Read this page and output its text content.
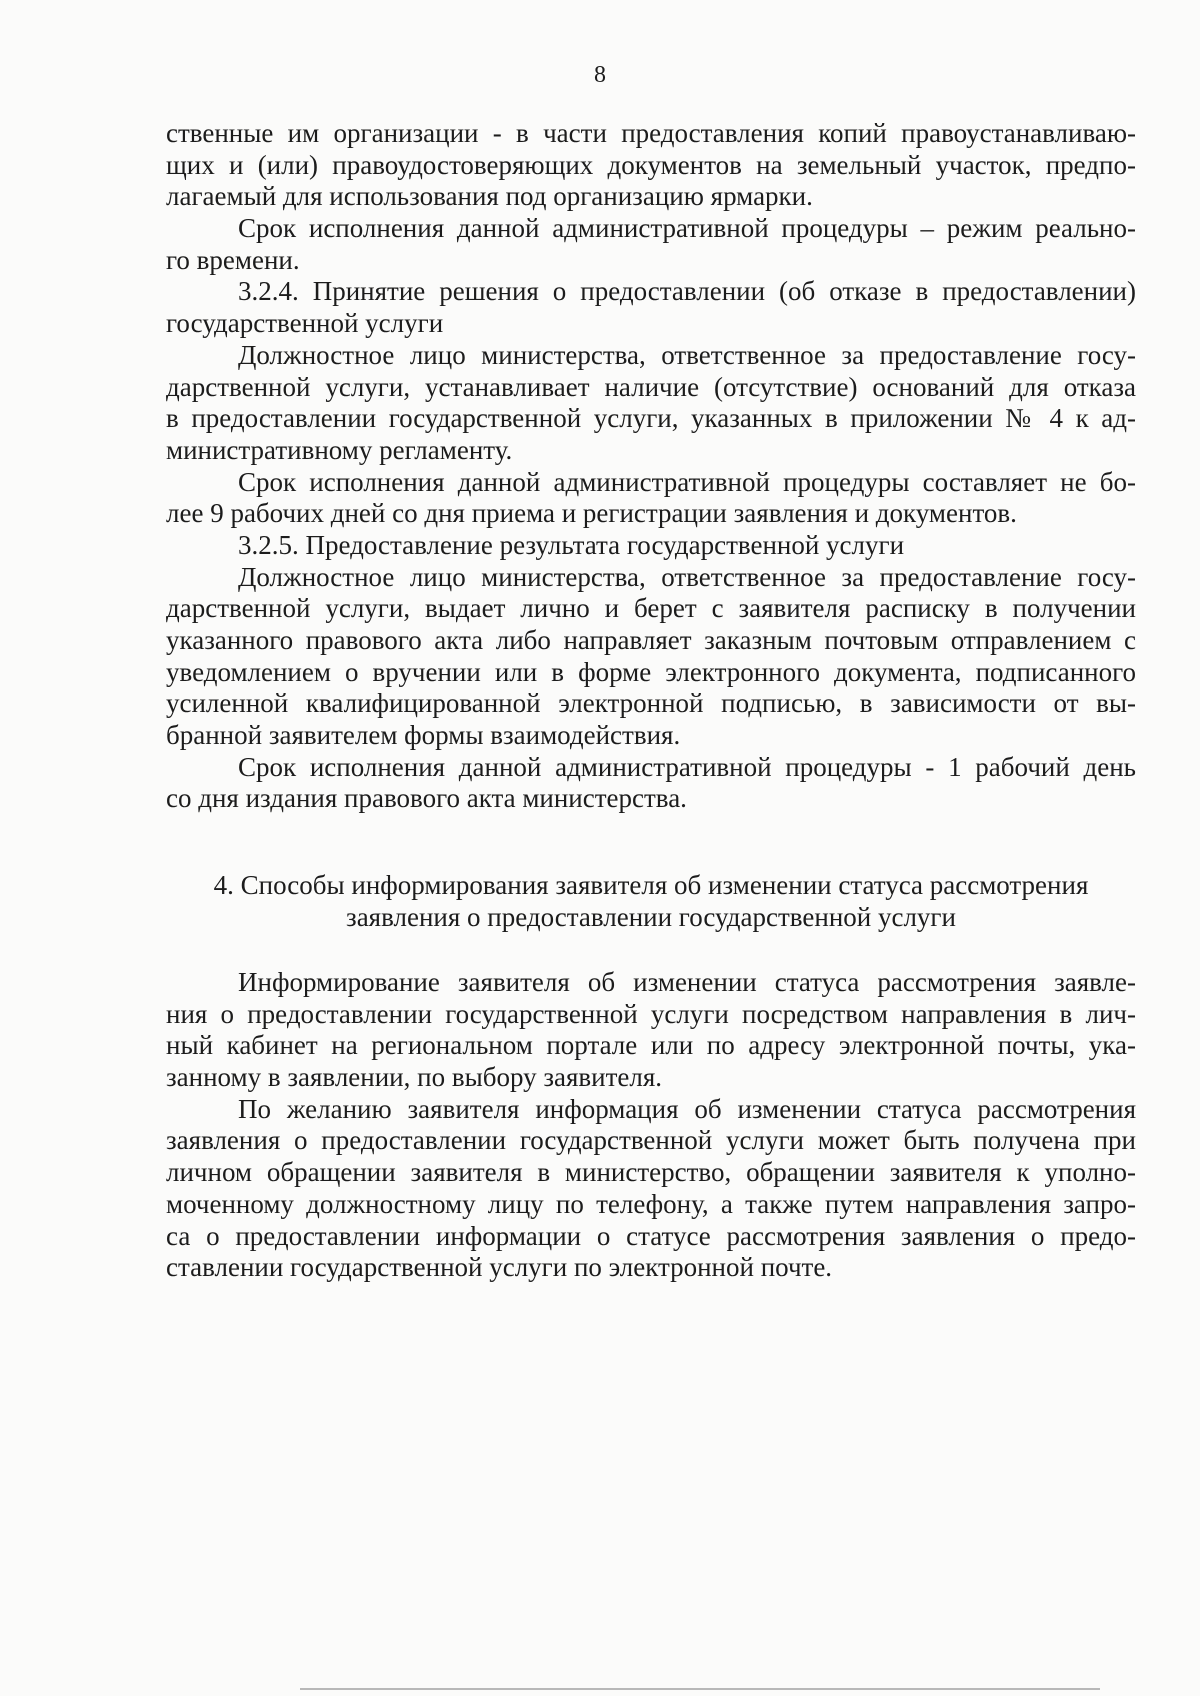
8
ственные им организации - в части предоставления копий правоустанавливаю-
щих и (или) правоудостоверяющих документов на земельный участок, предпо-
лагаемый для использования под организацию ярмарки.
Срок исполнения данной административной процедуры – режим реально-
го времени.
3.2.4. Принятие решения о предоставлении (об отказе в предоставлении)
государственной услуги
Должностное лицо министерства, ответственное за предоставление госу-
дарственной услуги, устанавливает наличие (отсутствие) оснований для отказа
в предоставлении государственной услуги, указанных в приложении № 4 к ад-
министративному регламенту.
Срок исполнения данной административной процедуры составляет не бо-
лее 9 рабочих дней со дня приема и регистрации заявления и документов.
3.2.5. Предоставление результата государственной услуги
Должностное лицо министерства, ответственное за предоставление госу-
дарственной услуги, выдает лично и берет с заявителя расписку в получении
указанного правового акта либо направляет заказным почтовым отправлением с
уведомлением о вручении или в форме электронного документа, подписанного
усиленной квалифицированной электронной подписью, в зависимости от вы-
бранной заявителем формы взаимодействия.
Срок исполнения данной административной процедуры - 1 рабочий день
со дня издания правового акта министерства.
4. Способы информирования заявителя об изменении статуса рассмотрения
заявления о предоставлении государственной услуги
Информирование заявителя об изменении статуса рассмотрения заявле-
ния о предоставлении государственной услуги посредством направления в лич-
ный кабинет на региональном портале или по адресу электронной почты, ука-
занному в заявлении, по выбору заявителя.
По желанию заявителя информация об изменении статуса рассмотрения
заявления о предоставлении государственной услуги может быть получена при
личном обращении заявителя в министерство, обращении заявителя к уполно-
моченному должностному лицу по телефону, а также путем направления запро-
са о предоставлении информации о статусе рассмотрения заявления о предо-
ставлении государственной услуги по электронной почте.
